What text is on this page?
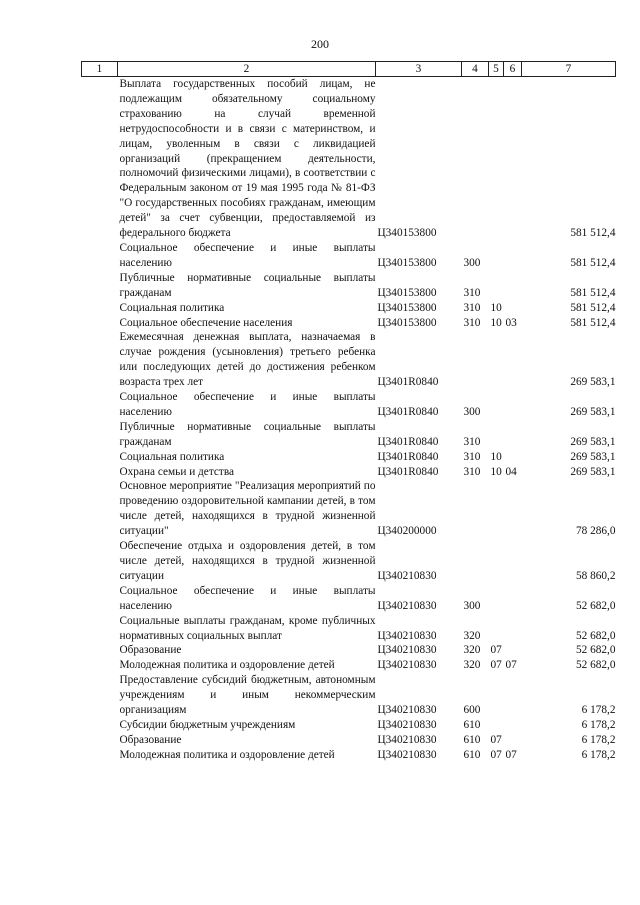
200
1	2	3	4	5	6	7
	Выплата государственных пособий лицам, не подлежащим обязательному социальному страхованию на случай временной нетрудоспособности и в связи с материнством, и лицам, уволенным в связи с ликвидацией организаций (прекращением деятельности, полномочий физическими лицами), в соответствии с Федеральным законом от 19 мая 1995 года № 81-ФЗ "О государственных пособиях гражданам, имеющим детей" за счет субвенции, предоставляемой из федерального бюджета	Ц340153800				581 512,4
	Социальное обеспечение и иные выплаты населению	Ц340153800	300			581 512,4
	Публичные нормативные социальные выплаты гражданам	Ц340153800	310			581 512,4
	Социальная политика	Ц340153800	310	10		581 512,4
	Социальное обеспечение населения	Ц340153800	310	10	03	581 512,4
	Ежемесячная денежная выплата, назначаемая в случае рождения (усыновления) третьего ребенка или последующих детей до достижения ребенком возраста трех лет	Ц3401R0840				269 583,1
	Социальное обеспечение и иные выплаты населению	Ц3401R0840	300			269 583,1
	Публичные нормативные социальные выплаты гражданам	Ц3401R0840	310			269 583,1
	Социальная политика	Ц3401R0840	310	10		269 583,1
	Охрана семьи и детства	Ц3401R0840	310	10	04	269 583,1
	Основное мероприятие "Реализация мероприятий по проведению оздоровительной кампании детей, в том числе детей, находящихся в трудной жизненной ситуации"	Ц340200000				78 286,0
	Обеспечение отдыха и оздоровления детей, в том числе детей, находящихся в трудной жизненной ситуации	Ц340210830				58 860,2
	Социальное обеспечение и иные выплаты населению	Ц340210830	300			52 682,0
	Социальные выплаты гражданам, кроме публичных нормативных социальных выплат	Ц340210830	320			52 682,0
	Образование	Ц340210830	320	07		52 682,0
	Молодежная политика и оздоровление детей	Ц340210830	320	07	07	52 682,0
	Предоставление субсидий бюджетным, автономным учреждениям и иным некоммерческим организациям	Ц340210830	600			6 178,2
	Субсидии бюджетным учреждениям	Ц340210830	610			6 178,2
	Образование	Ц340210830	610	07		6 178,2
	Молодежная политика и оздоровление детей	Ц340210830	610	07	07	6 178,2
